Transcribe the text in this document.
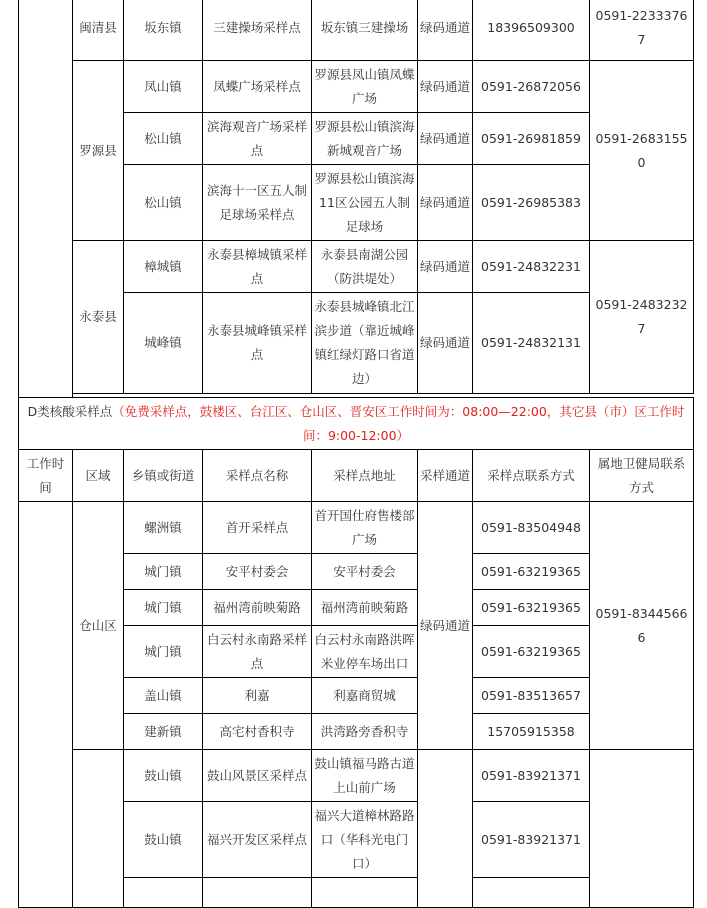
	闽清县	坂东镇	三建操场采样点	坂东镇三建操场	绿码通道	18396509300	0591-22333767
	罗源县	凤山镇	凤蝶广场采样点	罗源县凤山镇凤蝶广场	绿码通道	0591-26872056	0591-26831550
		松山镇	滨海观音广场采样点	罗源县松山镇滨海新城观音广场	绿码通道	0591-26981859	
		松山镇	滨海十一区五人制足球场采样点	罗源县松山镇滨海11区公园五人制足球场	绿码通道	0591-26985383	
	永泰县	樟城镇	永泰县樟城镇采样点	永泰县南湖公园（防洪堤处）	绿码通道	0591-24832231	0591-24832327
		城峰镇	永泰县城峰镇采样点	永泰县城峰镇北江滨步道（靠近城峰镇红绿灯路口省道边）	绿码通道	0591-24832131	

D类核酸采样点（免费采样点，鼓楼区、台江区、仓山区、晋安区工作时间为：08:00—22:00，其它县（市）区工作时间：9:00-12:00）							
工作时间	区域	乡镇或街道	采样点名称	采样点地址	采样通道	采样点联系方式	属地卫健局联系方式
	仓山区	螺洲镇	首开采样点	首开国仕府售楼部广场	绿码通道	0591-83504948	0591-83445666
		城门镇	安平村委会	安平村委会		0591-63219365	
		城门镇	福州湾前映菊路	福州湾前映菊路		0591-63219365	
		城门镇	白云村永南路采样点	白云村永南路洪晖米业停车场出口		0591-63219365	
		盖山镇	利嘉	利嘉商贸城		0591-83513657	
		建新镇	高宅村香积寺	洪湾路旁香积寺		15705915358	
		鼓山镇	鼓山风景区采样点	鼓山镇福马路古道上山前广场		0591-83921371	
		鼓山镇	福兴开发区采样点	福兴大道樟林路路口（华科光电门口）		0591-83921371	
